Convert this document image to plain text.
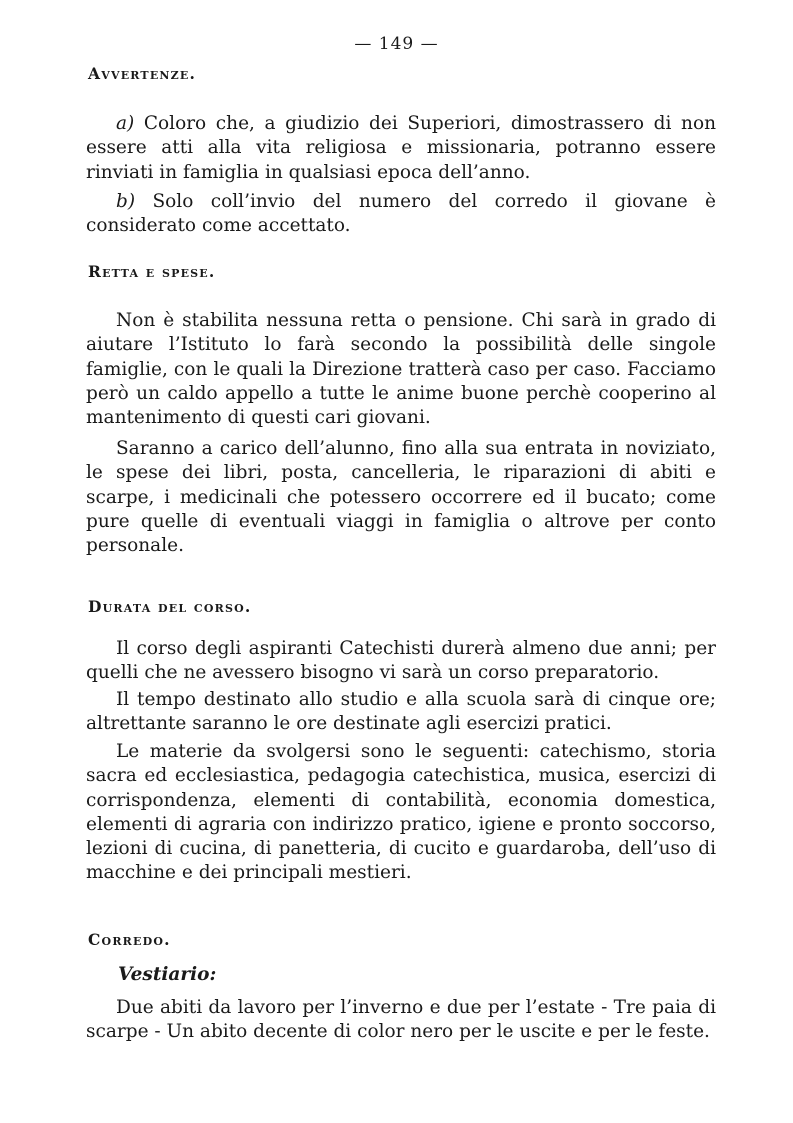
— 149 —
Avvertenze.

a) Coloro che, a giudizio dei Superiori, dimostrassero di non essere atti alla vita religiosa e missionaria, potranno essere rinviati in famiglia in qualsiasi epoca dell’anno.

b) Solo coll’invio del numero del corredo il giovane è considerato come accettato.

Retta e spese.

Non è stabilita nessuna retta o pensione. Chi sarà in grado di aiutare l’Istituto lo farà secondo la possibilità delle singole famiglie, con le quali la Direzione tratterà caso per caso. Facciamo però un caldo appello a tutte le anime buone perchè cooperino al mantenimento di questi cari giovani.

Saranno a carico dell’alunno, fino alla sua entrata in noviziato, le spese dei libri, posta, cancelleria, le riparazioni di abiti e scarpe, i medicinali che potessero occorrere ed il bucato; come pure quelle di eventuali viaggi in famiglia o altrove per conto personale.

Durata del corso.

Il corso degli aspiranti Catechisti durerà almeno due anni; per quelli che ne avessero bisogno vi sarà un corso preparatorio.

Il tempo destinato allo studio e alla scuola sarà di cinque ore; altrettante saranno le ore destinate agli esercizi pratici.

Le materie da svolgersi sono le seguenti: catechismo, storia sacra ed ecclesiastica, pedagogia catechistica, musica, esercizi di corrispondenza, elementi di contabilità, economia domestica, elementi di agraria con indirizzo pratico, igiene e pronto soccorso, lezioni di cucina, di panetteria, di cucito e guardaroba, dell’uso di macchine e dei principali mestieri.

Corredo.

Vestiario:

Due abiti da lavoro per l’inverno e due per l’estate - Tre paia di scarpe - Un abito decente di color nero per le uscite e per le feste.
